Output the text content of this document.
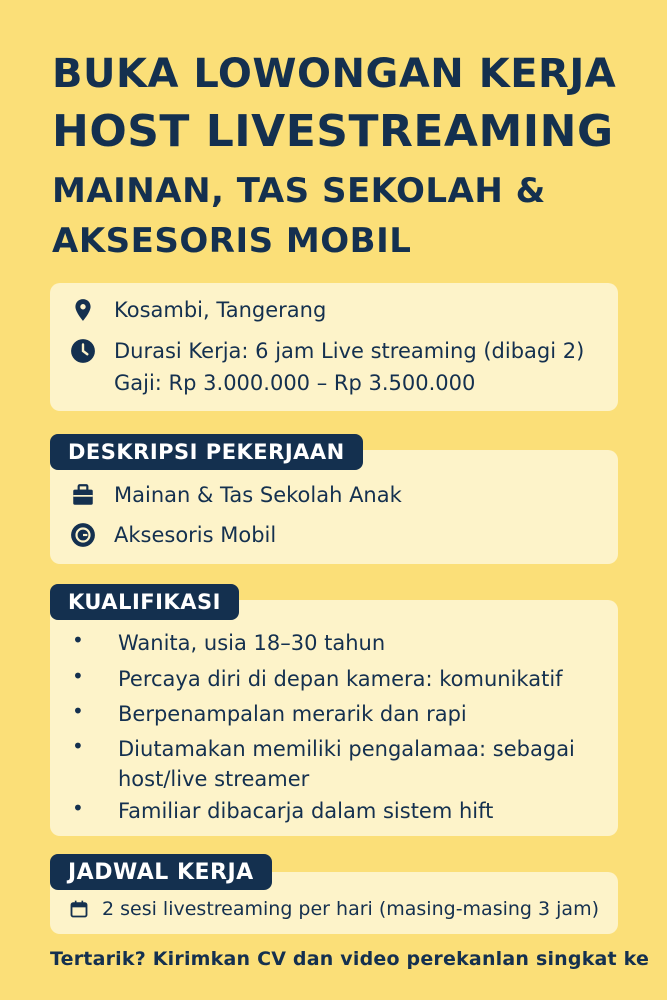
BUKA LOWONGAN KERJA
HOST LIVESTREAMING
MAINAN, TAS SEKOLAH &
AKSESORIS MOBIL
Kosambi, Tangerang
Durasi Kerja: 6 jam Live streaming (dibagi 2)
Gaji: Rp 3.000.000 – Rp 3.500.000
Mainan & Tas Sekolah Anak
Aksesoris Mobil
DESKRIPSI PEKERJAAN
•	Wanita, usia 18–30 tahun
•	Percaya diri di depan kamera: komunikatif
•	Berpenampalan merarik dan rapi
•	Diutamakan memiliki pengalamaa: sebagai host/live streamer
•	Familiar dibacarja dalam sistem hift
KUALIFIKASI
2 sesi livestreaming per hari (masing-masing 3 jam)
JADWAL KERJA
Tertarik? Kirimkan CV dan video perekanlan singkat ke
